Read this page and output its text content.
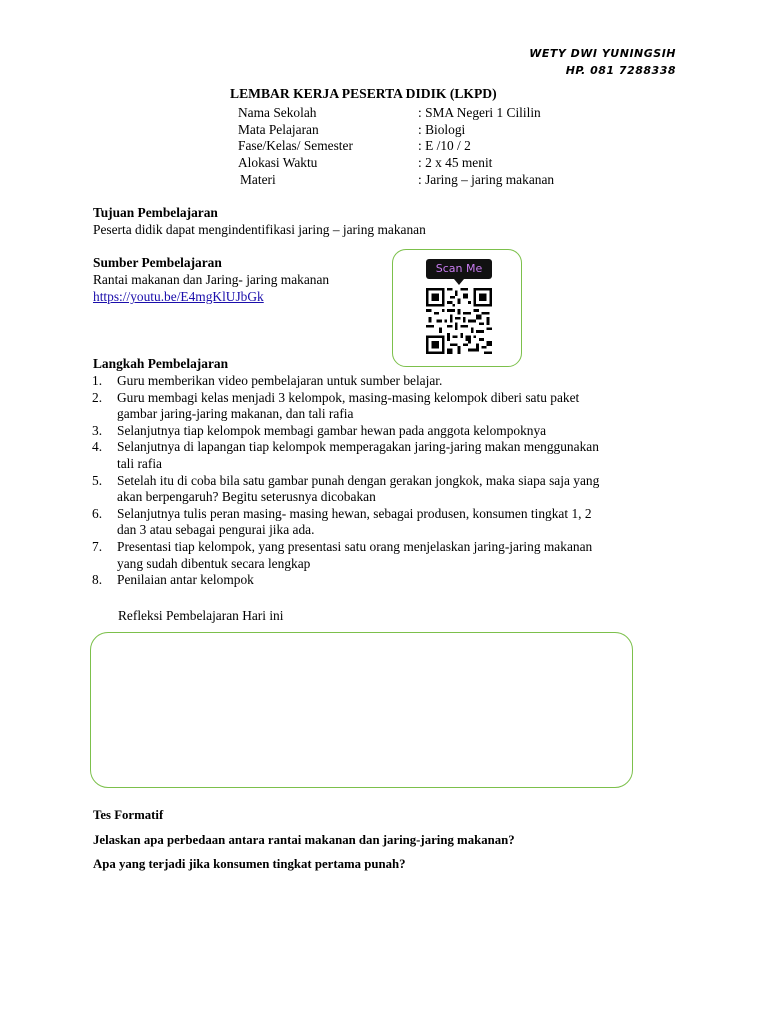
WETY DWI YUNINGSIH
HP. 081 7288338
LEMBAR KERJA PESERTA DIDIK (LKPD)
Nama Sekolah	: SMA Negeri 1 Cililin
Mata Pelajaran	: Biologi
Fase/Kelas/ Semester	: E /10 / 2
Alokasi Waktu	: 2 x 45 menit
Materi	: Jaring – jaring makanan
Tujuan Pembelajaran
Peserta didik dapat mengindentifikasi jaring – jaring makanan
Sumber Pembelajaran
Rantai makanan dan Jaring- jaring makanan
https://youtu.be/E4mgKlUJbGk
Scan Me
Langkah Pembelajaran
1. Guru memberikan video pembelajaran untuk sumber belajar.
2. Guru membagi kelas menjadi 3 kelompok, masing-masing kelompok diberi satu paket
gambar jaring-jaring makanan, dan tali rafia
3. Selanjutnya tiap kelompok membagi gambar hewan pada anggota kelompoknya
4. Selanjutnya di lapangan tiap kelompok memperagakan jaring-jaring makan menggunakan
tali rafia
5. Setelah itu di coba bila satu gambar punah dengan gerakan jongkok, maka siapa saja yang
akan berpengaruh? Begitu seterusnya dicobakan
6. Selanjutnya tulis peran masing- masing hewan, sebagai produsen, konsumen tingkat 1, 2
dan 3 atau sebagai pengurai jika ada.
7. Presentasi tiap kelompok, yang presentasi satu orang menjelaskan jaring-jaring makanan
yang sudah dibentuk secara lengkap
8. Penilaian antar kelompok
Refleksi Pembelajaran Hari ini
Tes Formatif
Jelaskan apa perbedaan antara rantai makanan dan jaring-jaring makanan?
Apa yang terjadi jika konsumen tingkat pertama punah?
